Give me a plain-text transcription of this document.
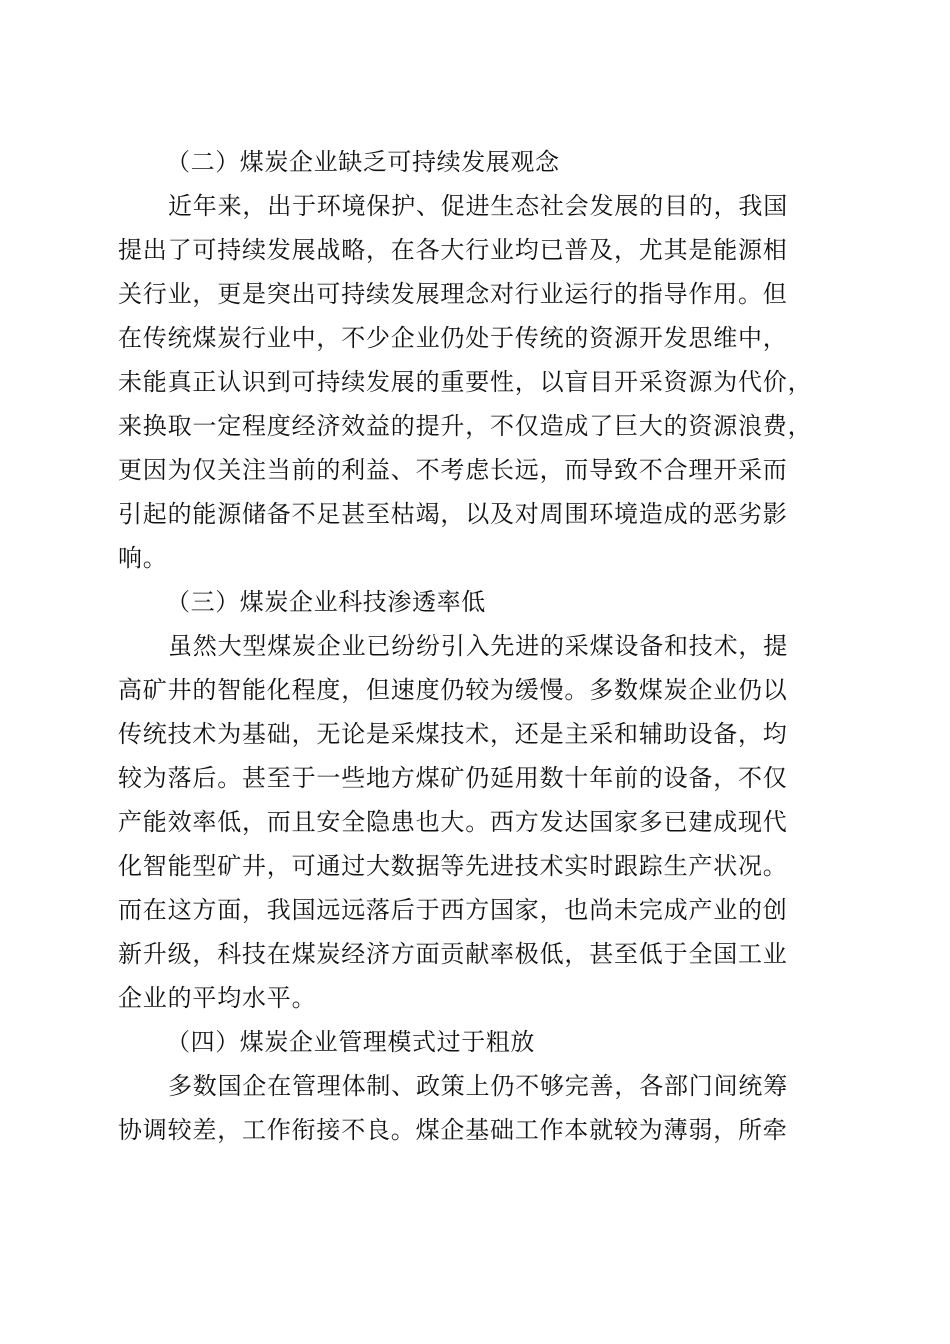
（二）煤炭企业缺乏可持续发展观念
近年来，出于环境保护、促进生态社会发展的目的，我国
提出了可持续发展战略，在各大行业均已普及，尤其是能源相
关行业，更是突出可持续发展理念对行业运行的指导作用。但
在传统煤炭行业中，不少企业仍处于传统的资源开发思维中，
未能真正认识到可持续发展的重要性，以盲目开采资源为代价，
来换取一定程度经济效益的提升，不仅造成了巨大的资源浪费，
更因为仅关注当前的利益、不考虑长远，而导致不合理开采而
引起的能源储备不足甚至枯竭，以及对周围环境造成的恶劣影
响。
（三）煤炭企业科技渗透率低
虽然大型煤炭企业已纷纷引入先进的采煤设备和技术，提
高矿井的智能化程度，但速度仍较为缓慢。多数煤炭企业仍以
传统技术为基础，无论是采煤技术，还是主采和辅助设备，均
较为落后。甚至于一些地方煤矿仍延用数十年前的设备，不仅
产能效率低，而且安全隐患也大。西方发达国家多已建成现代
化智能型矿井，可通过大数据等先进技术实时跟踪生产状况。
而在这方面，我国远远落后于西方国家，也尚未完成产业的创
新升级，科技在煤炭经济方面贡献率极低，甚至低于全国工业
企业的平均水平。
（四）煤炭企业管理模式过于粗放
多数国企在管理体制、政策上仍不够完善，各部门间统筹
协调较差，工作衔接不良。煤企基础工作本就较为薄弱，所牵
